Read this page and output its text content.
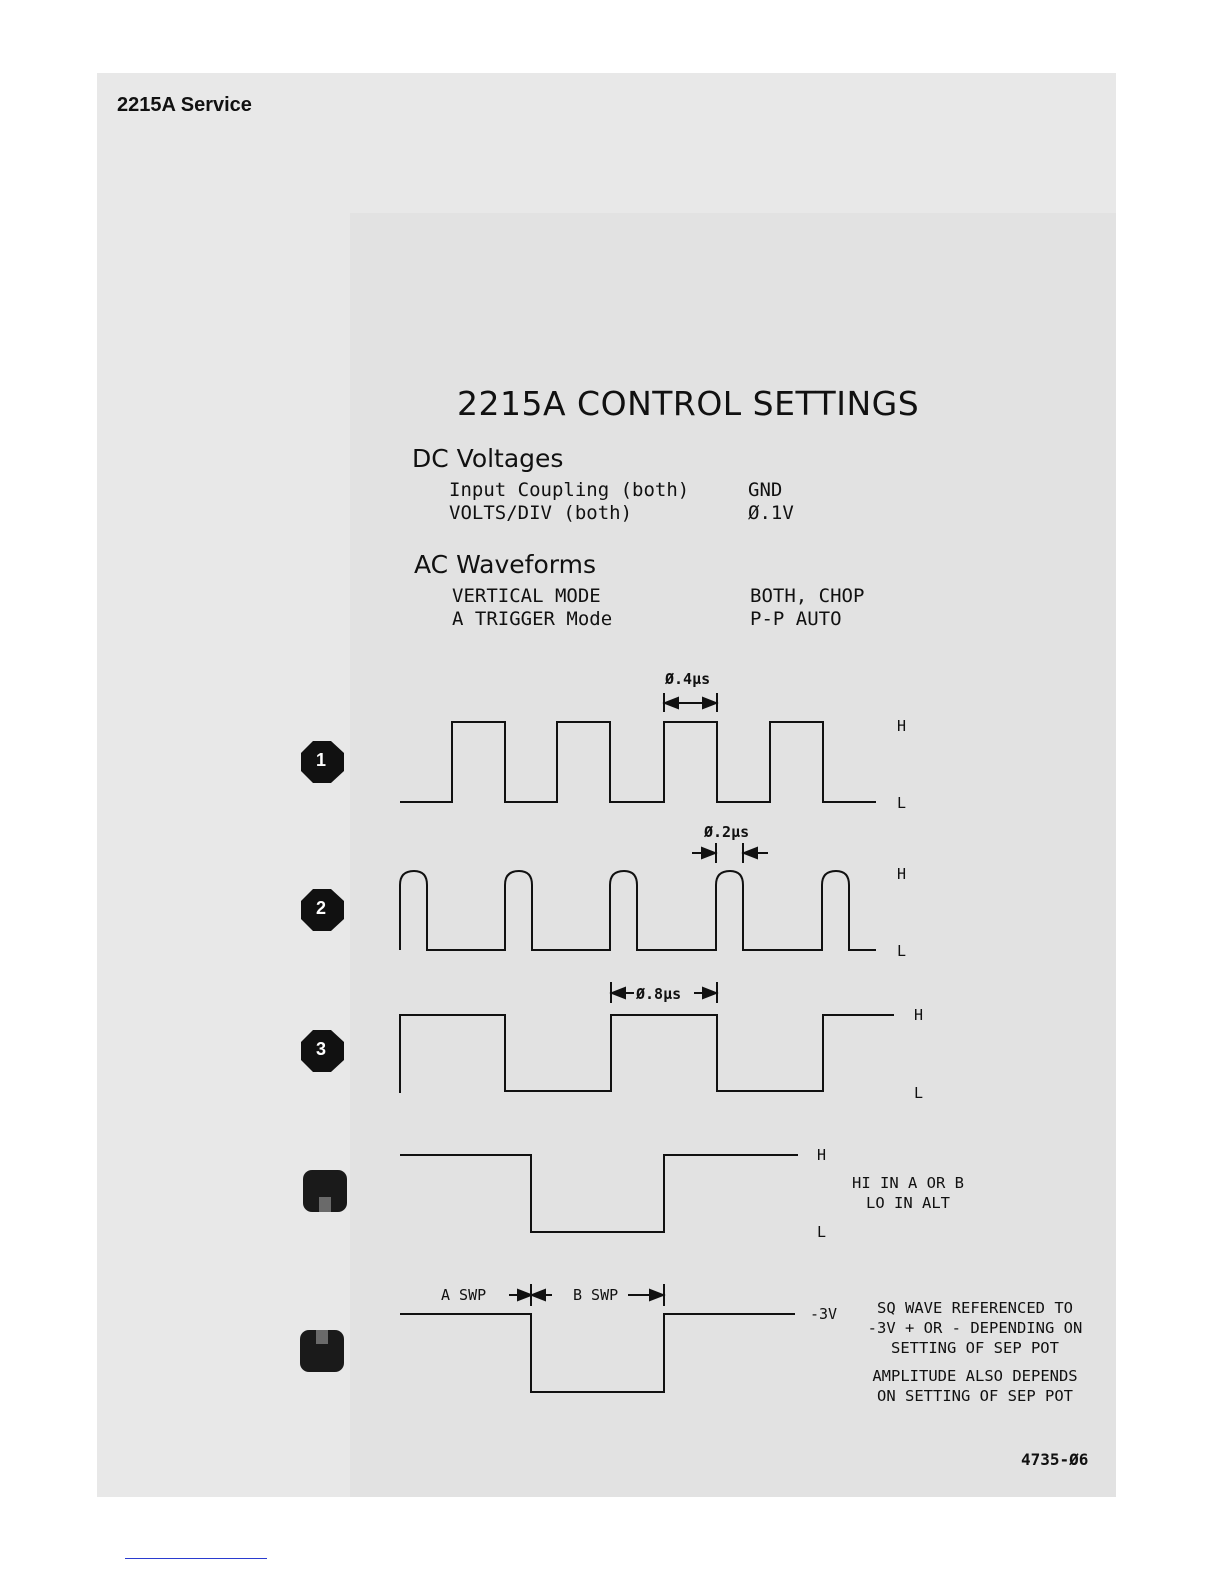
2215A Service
2215A CONTROL SETTINGS
DC Voltages
Input Coupling (both)	GND
VOLTS/DIV (both)	Ø.1V
AC Waveforms
VERTICAL MODE	BOTH, CHOP
A TRIGGER Mode	P-P AUTO
1
2
3
Ø.4µs
Ø.2µs
Ø.8µs
H
L
H
L
H
L
H
L
HI IN A OR B
LO IN ALT
A SWP	B SWP
-3V	SQ WAVE REFERENCED TO
-3V + OR - DEPENDING ON
SETTING OF SEP POT
AMPLITUDE ALSO DEPENDS
ON SETTING OF SEP POT
4735-Ø6
